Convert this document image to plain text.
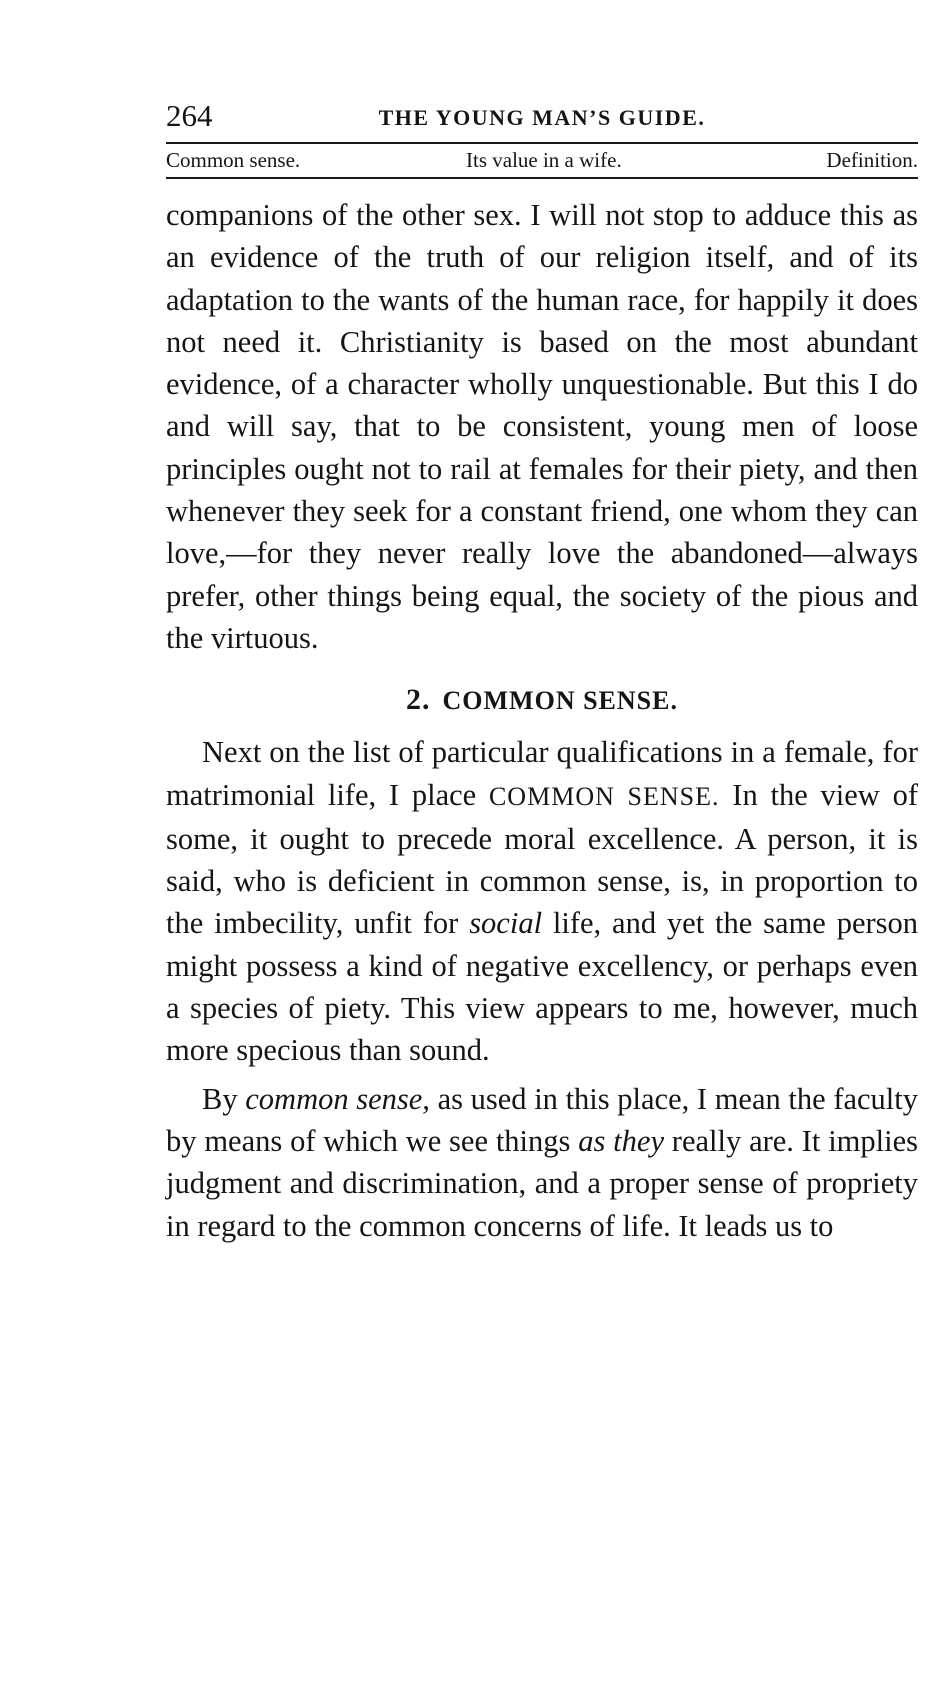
264	THE YOUNG MAN’S GUIDE.
Common sense.	Its value in a wife.	Definition.

companions of the other sex. I will not stop to adduce this as an evidence of the truth of our religion itself, and of its adaptation to the wants of the human race, for happily it does not need it. Christianity is based on the most abundant evidence, of a character wholly unquestionable. But this I do and will say, that to be consistent, young men of loose principles ought not to rail at females for their piety, and then whenever they seek for a constant friend, one whom they can love,—for they never really love the abandoned—always prefer, other things being equal, the society of the pious and the virtuous.

2. COMMON SENSE.

Next on the list of particular qualifications in a female, for matrimonial life, I place COMMON SENSE. In the view of some, it ought to precede moral excellence. A person, it is said, who is deficient in common sense, is, in proportion to the imbecility, unfit for social life, and yet the same person might possess a kind of negative excellency, or perhaps even a species of piety. This view appears to me, however, much more specious than sound.

By common sense, as used in this place, I mean the faculty by means of which we see things as they really are. It implies judgment and discrimination, and a proper sense of propriety in regard to the common concerns of life. It leads us to
